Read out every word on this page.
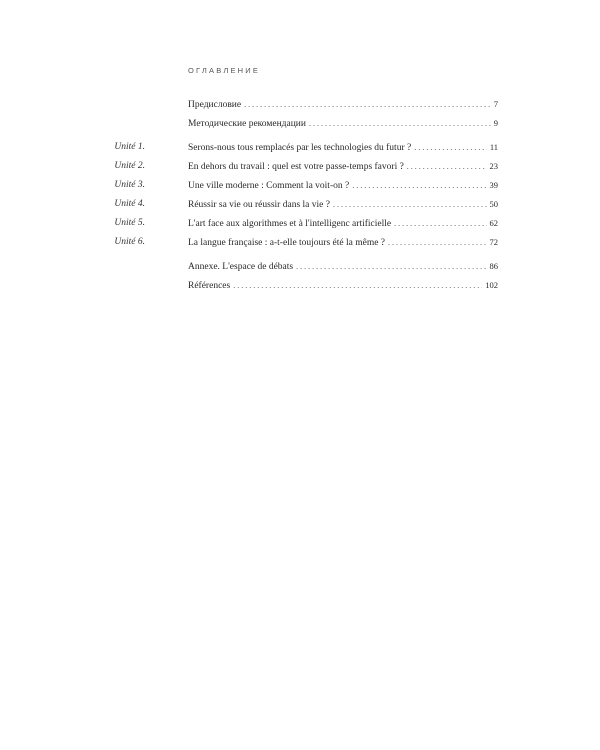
ОГЛАВЛЕНИЕ
Предисловие . . .	7
Методические рекомендации . . .	9
Unité 1.	Serons-nous tous remplacés par les technologies du futur ? . . .	11
Unité 2.	En dehors du travail : quel est votre passe-temps favori ? . . .	23
Unité 3.	Une ville moderne : Comment la voit-on ? . . .	39
Unité 4.	Réussir sa vie ou réussir dans la vie ? . . .	50
Unité 5.	L'art face aux algorithmes et à l'intelligenc artificielle . . .	62
Unité 6.	La langue française : a-t-elle toujours été la même ? . . .	72
Annexe. L'espace de débats . . .	86
Références . . .	102
